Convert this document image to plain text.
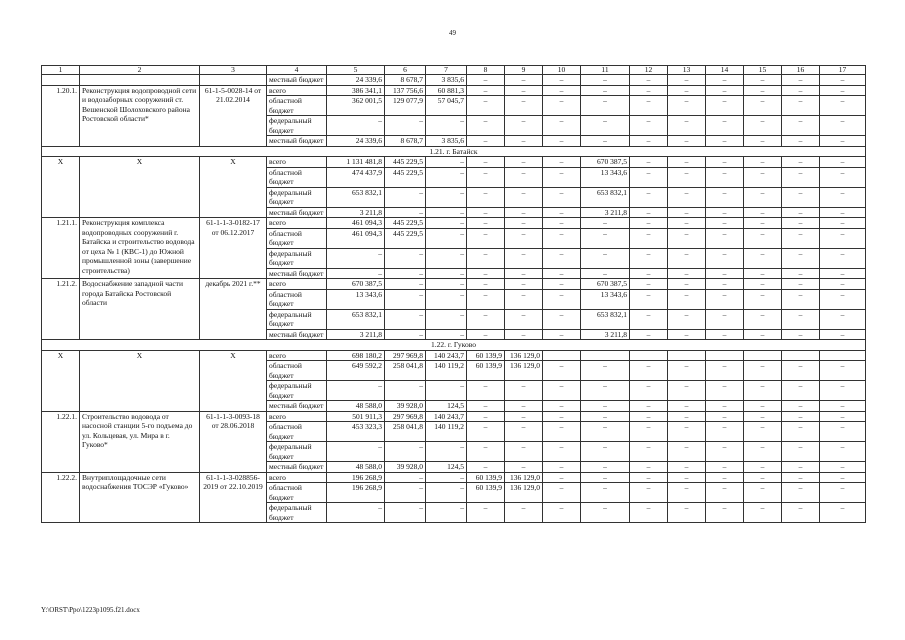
49
1	2	3	4	5	6	7	8	9	10	11	12	13	14	15	16	17
			местный бюджет	24 339,6	8 678,7	3 835,6	–	–	–	–	–	–	–	–	–	–
1.20.1.	Реконструкция водопроводной сети и водозаборных сооружений ст. Вешенской Шолоховского района Ростовской области*	61-1-5-0028-14 от 21.02.2014	всего	386 341,1	137 756,6	60 881,3	–	–	–	–	–	–	–	–	–	–
			областной бюджет	362 001,5	129 077,9	57 045,7	–	–	–	–	–	–	–	–	–	–
			федеральный бюджет	–	–	–	–	–	–	–	–	–	–	–	–	–
			местный бюджет	24 339,6	8 678,7	3 835,6	–	–	–	–	–	–	–	–	–	–
1.21. г. Батайск																
Х	Х	Х	всего	1 131 481,8	445 229,5	–	–	–	–	670 387,5	–	–	–	–	–	–
			областной бюджет	474 437,9	445 229,5	–	–	–	–	13 343,6	–	–	–	–	–	–
			федеральный бюджет	653 832,1	–	–	–	–	–	653 832,1	–	–	–	–	–	–
			местный бюджет	3 211,8	–	–	–	–	–	3 211,8	–	–	–	–	–	–
1.21.1.	Реконструкция комплекса водопроводных сооружений г. Батайска и строительство водовода от цеха № 1 (КВС-1) до Южной промышленной зоны (завершение строительства)	61-1-1-3-0182-17 от 06.12.2017	всего	461 094,3	445 229,5	–	–	–	–	–	–	–	–	–	–	–
			областной бюджет	461 094,3	445 229,5	–	–	–	–	–	–	–	–	–	–	–
			федеральный бюджет	–	–	–	–	–	–	–	–	–	–	–	–	–
			местный бюджет	–	–	–	–	–	–	–	–	–	–	–	–	–
1.21.2.	Водоснабжение западной части города Батайска Ростовской области	декабрь 2021 г.**	всего	670 387,5	–	–	–	–	–	670 387,5	–	–	–	–	–	–
			областной бюджет	13 343,6	–	–	–	–	–	13 343,6	–	–	–	–	–	–
			федеральный бюджет	653 832,1	–	–	–	–	–	653 832,1	–	–	–	–	–	–
			местный бюджет	3 211,8	–	–	–	–	–	3 211,8	–	–	–	–	–	–
1.22. г. Гуково																
Х	Х	Х	всего	698 180,2	297 969,8	140 243,7	60 139,9	136 129,0								
			областной бюджет	649 592,2	258 041,8	140 119,2	60 139,9	136 129,0	–	–	–	–	–	–	–	–
			федеральный бюджет	–	–	–	–	–	–	–	–	–	–	–	–	–
			местный бюджет	48 588,0	39 928,0	124,5	–	–	–	–	–	–	–	–	–	–
1.22.1.	Строительство водовода от насосной станции 5-го подъема до ул. Кольцевая, ул. Мира в г. Гуково*	61-1-1-3-0093-18 от 28.06.2018	всего	501 911,3	297 969,8	140 243,7	–	–	–	–	–	–	–	–	–	–
			областной бюджет	453 323,3	258 041,8	140 119,2	–	–	–	–	–	–	–	–	–	–
			федеральный бюджет	–	–	–	–	–	–	–	–	–	–	–	–	–
			местный бюджет	48 588,0	39 928,0	124,5	–	–	–	–	–	–	–	–	–	–
1.22.2.	Внутриплощадочные сети водоснабжения ТОСЭР «Гуково»	61-1-1-3-028856-2019 от 22.10.2019	всего	196 268,9	–	–	60 139,9	136 129,0	–	–	–	–	–	–	–	–
			областной бюджет	196 268,9	–	–	60 139,9	136 129,0	–	–	–	–	–	–	–	–
			федеральный бюджет	–	–	–	–	–	–	–	–	–	–	–	–	–
Y:\ORST\Ppo\1223p1095.f21.docx
